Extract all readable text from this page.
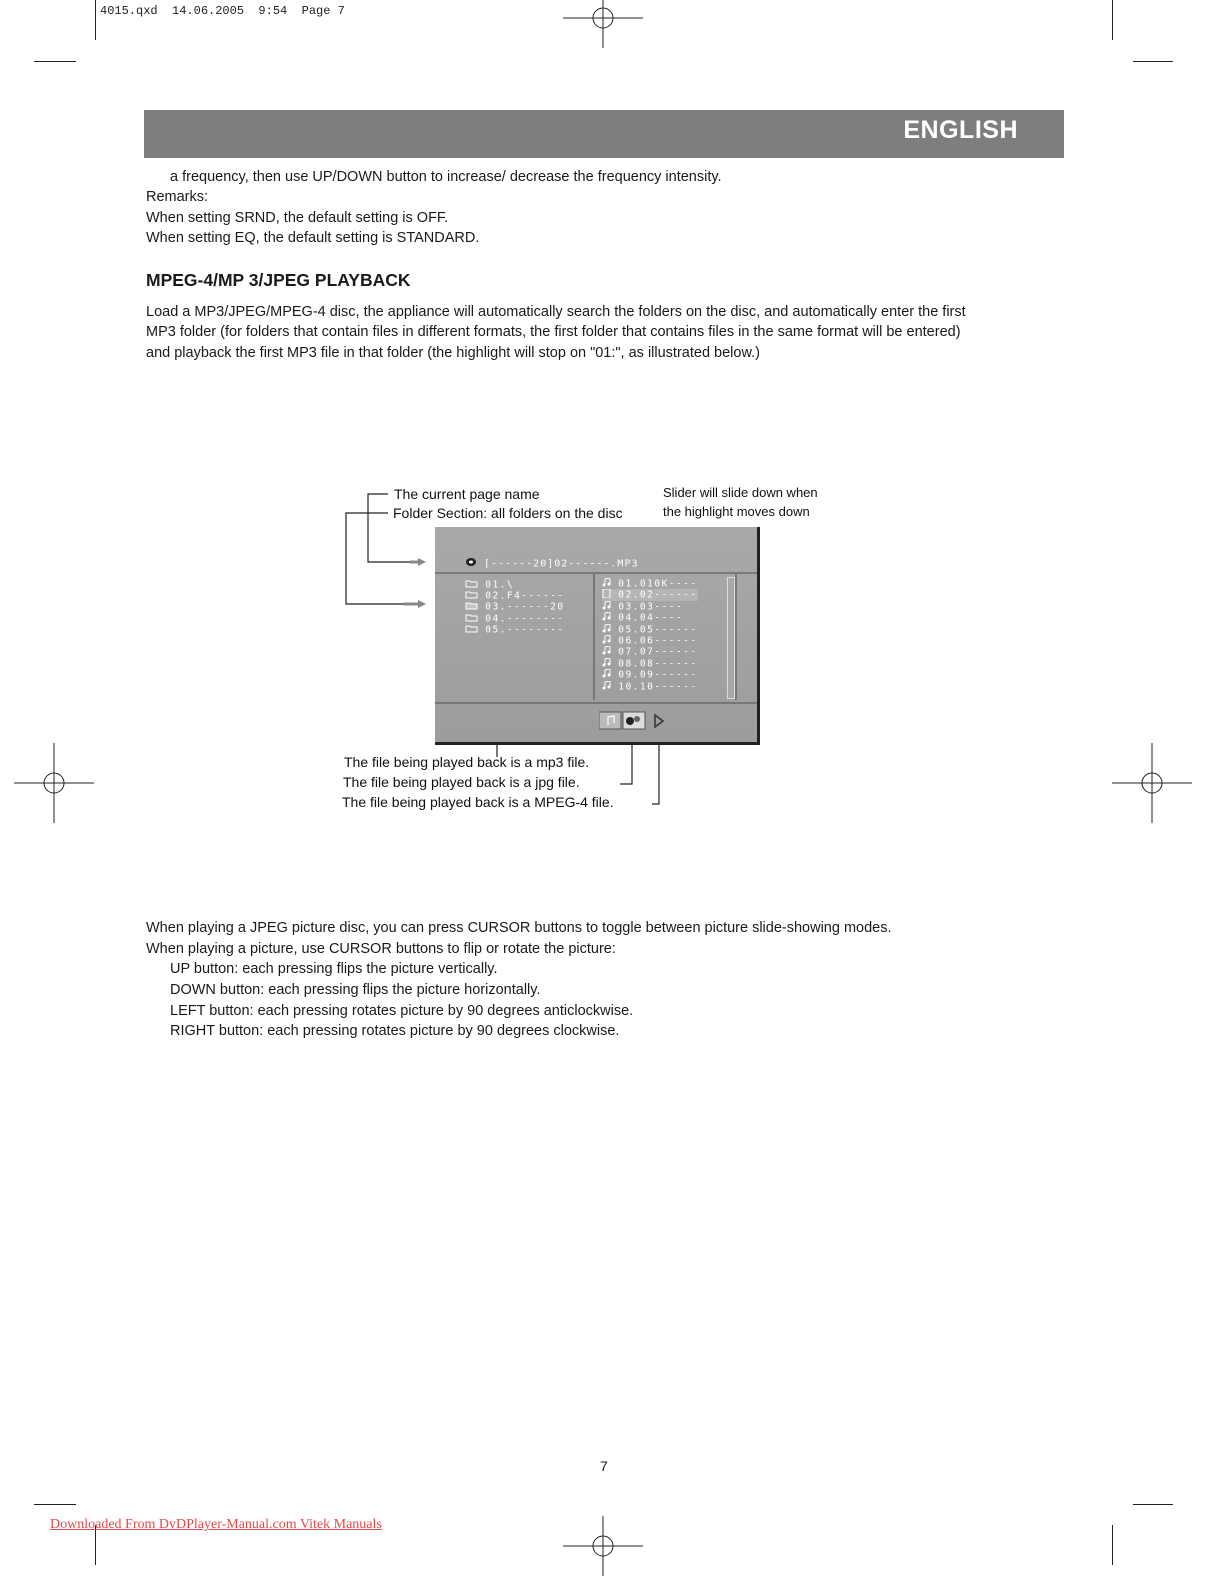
4015.qxd  14.06.2005  9:54  Page 7
ENGLISH
a frequency, then use UP/DOWN button to increase/ decrease the frequency intensity.
Remarks:
When setting SRND, the default setting is OFF.
When setting EQ, the default setting is STANDARD.
MPEG-4/MP 3/JPEG PLAYBACK
Load a MP3/JPEG/MPEG-4 disc, the appliance will automatically search the folders on the disc, and automatically enter the first
MP3 folder (for folders that contain files in different formats, the first folder that contains files in the same format will be entered)
and playback the first MP3 file in that folder (the highlight will stop on "01:", as illustrated below.)
The current page name
Folder Section: all folders on the disc
Slider will slide down when
the highlight moves down
[------20]02------.MP3
01.\
02.F4------
03.------20
04.--------
05.--------
01.010K----
02.02------
03.03----
04.04----
05.05------
06.06------
07.07------
08.08------
09.09------
10.10------
The file being played back is a mp3 file.
The file being played back is a jpg file.
The file being played back is a MPEG-4 file.
When playing a JPEG picture disc, you can press CURSOR buttons to toggle between picture slide-showing modes.
When playing a picture, use CURSOR buttons to flip or rotate the picture:
UP button: each pressing flips the picture vertically.
DOWN button: each pressing flips the picture horizontally.
LEFT button: each pressing rotates picture by 90 degrees anticlockwise.
RIGHT button: each pressing rotates picture by 90 degrees clockwise.
7
Downloaded From DvDPlayer-Manual.com Vitek Manuals
